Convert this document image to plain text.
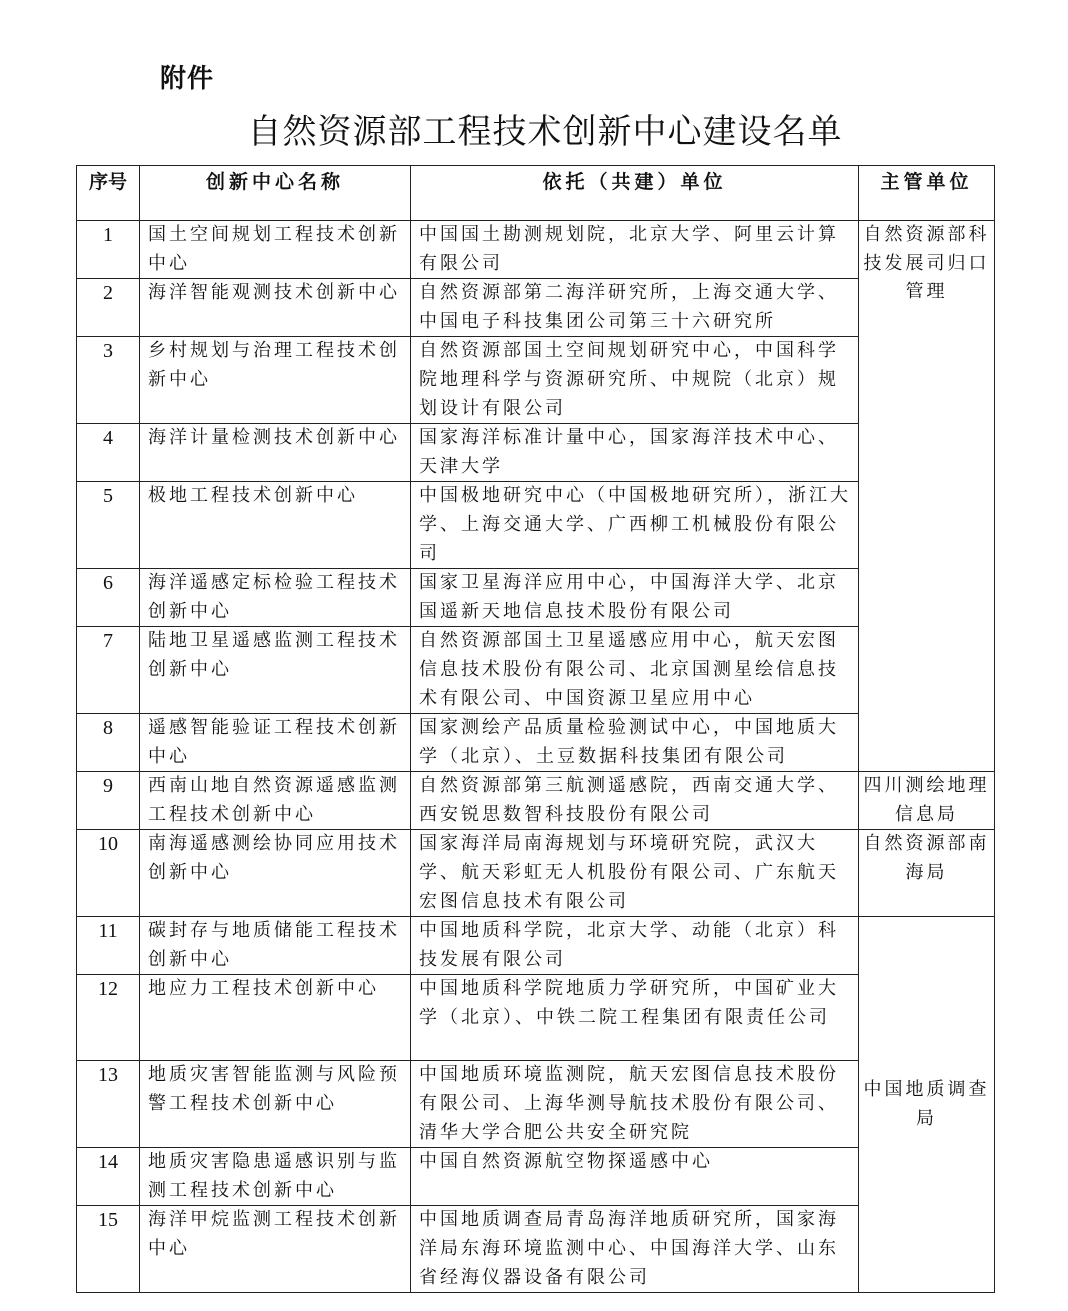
附件
自然资源部工程技术创新中心建设名单
序号	创新中心名称	依托（共建）单位	主管单位
1	国土空间规划工程技术创新中心	中国国土勘测规划院，北京大学、阿里云计算有限公司	自然资源部科技发展司归口管理
2	海洋智能观测技术创新中心	自然资源部第二海洋研究所，上海交通大学、中国电子科技集团公司第三十六研究所	
3	乡村规划与治理工程技术创新中心	自然资源部国土空间规划研究中心，中国科学院地理科学与资源研究所、中规院（北京）规划设计有限公司	
4	海洋计量检测技术创新中心	国家海洋标准计量中心，国家海洋技术中心、天津大学	
5	极地工程技术创新中心	中国极地研究中心（中国极地研究所），浙江大学、上海交通大学、广西柳工机械股份有限公司	
6	海洋遥感定标检验工程技术创新中心	国家卫星海洋应用中心，中国海洋大学、北京国遥新天地信息技术股份有限公司	
7	陆地卫星遥感监测工程技术创新中心	自然资源部国土卫星遥感应用中心，航天宏图信息技术股份有限公司、北京国测星绘信息技术有限公司、中国资源卫星应用中心	
8	遥感智能验证工程技术创新中心	国家测绘产品质量检验测试中心，中国地质大学（北京）、土豆数据科技集团有限公司	
9	西南山地自然资源遥感监测工程技术创新中心	自然资源部第三航测遥感院，西南交通大学、西安锐思数智科技股份有限公司	四川测绘地理信息局
10	南海遥感测绘协同应用技术创新中心	国家海洋局南海规划与环境研究院，武汉大学、航天彩虹无人机股份有限公司、广东航天宏图信息技术有限公司	自然资源部南海局
11	碳封存与地质储能工程技术创新中心	中国地质科学院，北京大学、动能（北京）科技发展有限公司	中国地质调查局
12	地应力工程技术创新中心	中国地质科学院地质力学研究所，中国矿业大学（北京）、中铁二院工程集团有限责任公司	
13	地质灾害智能监测与风险预警工程技术创新中心	中国地质环境监测院，航天宏图信息技术股份有限公司、上海华测导航技术股份有限公司、清华大学合肥公共安全研究院	
14	地质灾害隐患遥感识别与监测工程技术创新中心	中国自然资源航空物探遥感中心	
15	海洋甲烷监测工程技术创新中心	中国地质调查局青岛海洋地质研究所，国家海洋局东海环境监测中心、中国海洋大学、山东省经海仪器设备有限公司	
